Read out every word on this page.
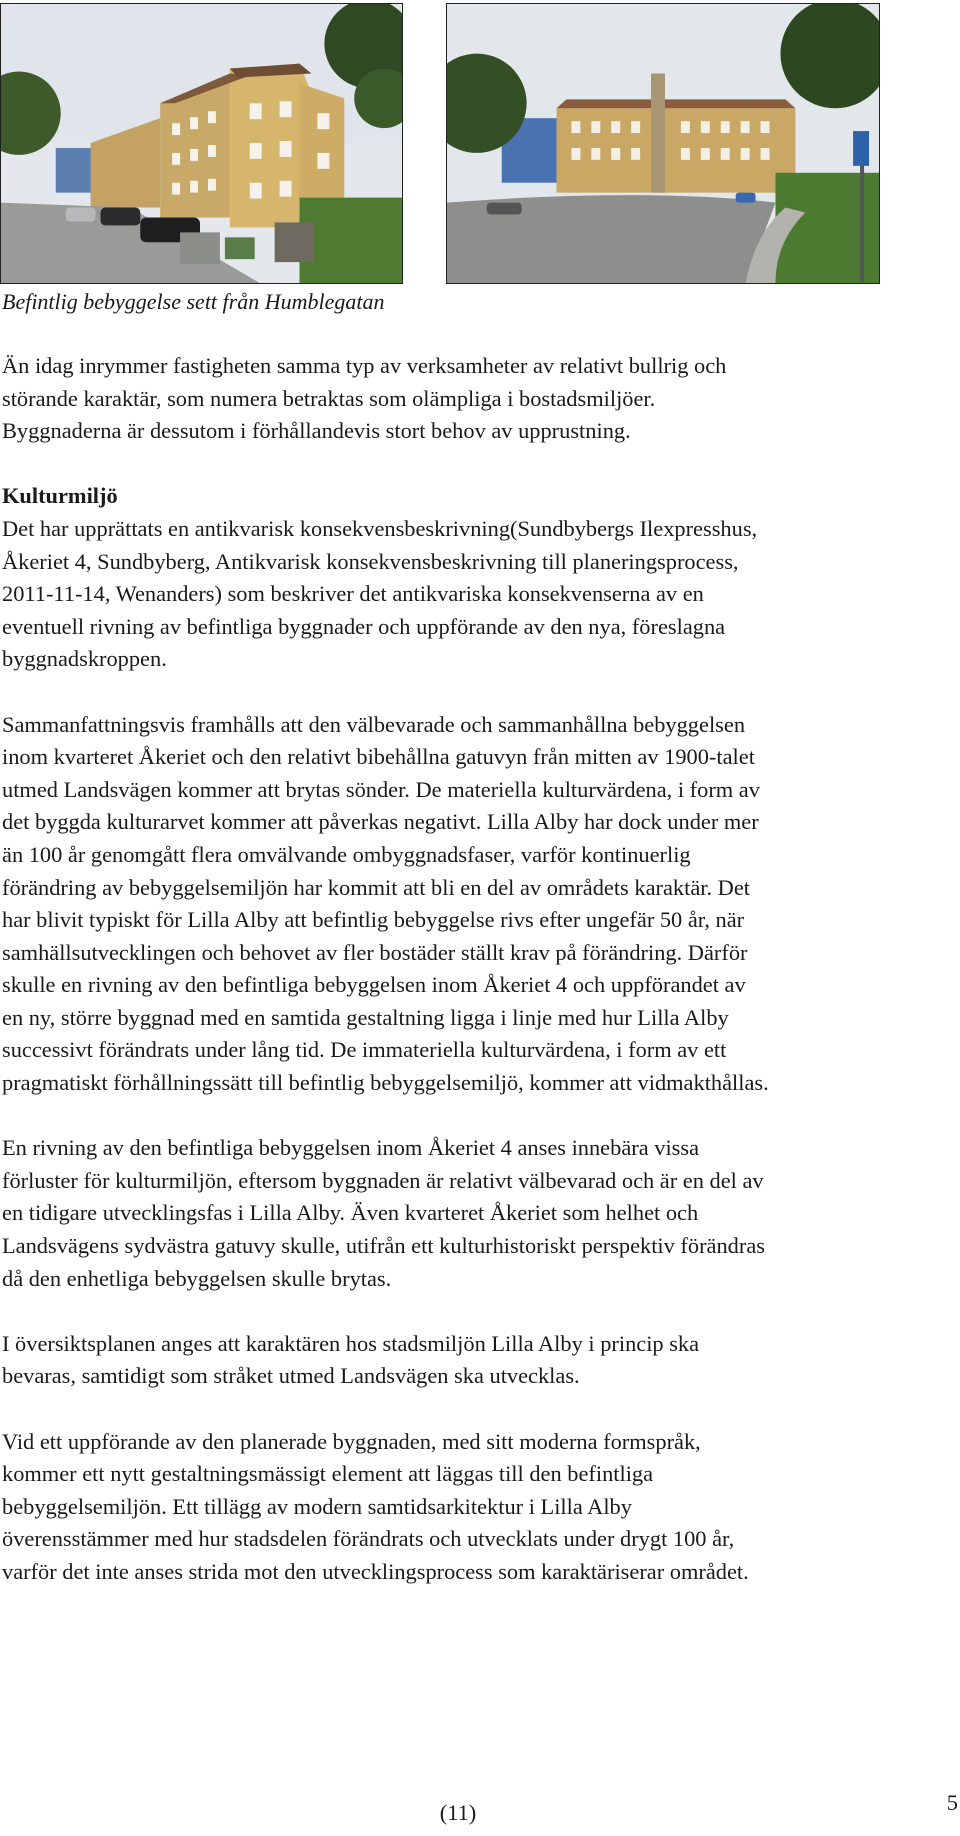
Befintlig bebyggelse sett från Humblegatan

Än idag inrymmer fastigheten samma typ av verksamheter av relativt bullrig och
störande karaktär, som numera betraktas som olämpliga i bostadsmiljöer.
Byggnaderna är dessutom i förhållandevis stort behov av upprustning.

Kulturmiljö

Det har upprättats en antikvarisk konsekvensbeskrivning(Sundbybergs Ilexpresshus,
Åkeriet 4, Sundbyberg, Antikvarisk konsekvensbeskrivning till planeringsprocess,
2011-11-14, Wenanders) som beskriver det antikvariska konsekvenserna av en
eventuell rivning av befintliga byggnader och uppförande av den nya, föreslagna
byggnadskroppen.

Sammanfattningsvis framhålls att den välbevarade och sammanhållna bebyggelsen
inom kvarteret Åkeriet och den relativt bibehållna gatuvyn från mitten av 1900-talet
utmed Landsvägen kommer att brytas sönder. De materiella kulturvärdena, i form av
det byggda kulturarvet kommer att påverkas negativt. Lilla Alby har dock under mer
än 100 år genomgått flera omvälvande ombyggnadsfaser, varför kontinuerlig
förändring av bebyggelsemiljön har kommit att bli en del av områdets karaktär. Det
har blivit typiskt för Lilla Alby att befintlig bebyggelse rivs efter ungefär 50 år, när
samhällsutvecklingen och behovet av fler bostäder ställt krav på förändring. Därför
skulle en rivning av den befintliga bebyggelsen inom Åkeriet 4 och uppförandet av
en ny, större byggnad med en samtida gestaltning ligga i linje med hur Lilla Alby
successivt förändrats under lång tid. De immateriella kulturvärdena, i form av ett
pragmatiskt förhållningssätt till befintlig bebyggelsemiljö, kommer att vidmakthållas.

En rivning av den befintliga bebyggelsen inom Åkeriet 4 anses innebära vissa
förluster för kulturmiljön, eftersom byggnaden är relativt välbevarad och är en del av
en tidigare utvecklingsfas i Lilla Alby. Även kvarteret Åkeriet som helhet och
Landsvägens sydvästra gatuvy skulle, utifrån ett kulturhistoriskt perspektiv förändras
då den enhetliga bebyggelsen skulle brytas.

I översiktsplanen anges att karaktären hos stadsmiljön Lilla Alby i princip ska
bevaras, samtidigt som stråket utmed Landsvägen ska utvecklas.

Vid ett uppförande av den planerade byggnaden, med sitt moderna formspråk,
kommer ett nytt gestaltningsmässigt element att läggas till den befintliga
bebyggelsemiljön. Ett tillägg av modern samtidsarkitektur i Lilla Alby
överensstämmer med hur stadsdelen förändrats och utvecklats under drygt 100 år,
varför det inte anses strida mot den utvecklingsprocess som karaktäriserar området.

(11)	5
